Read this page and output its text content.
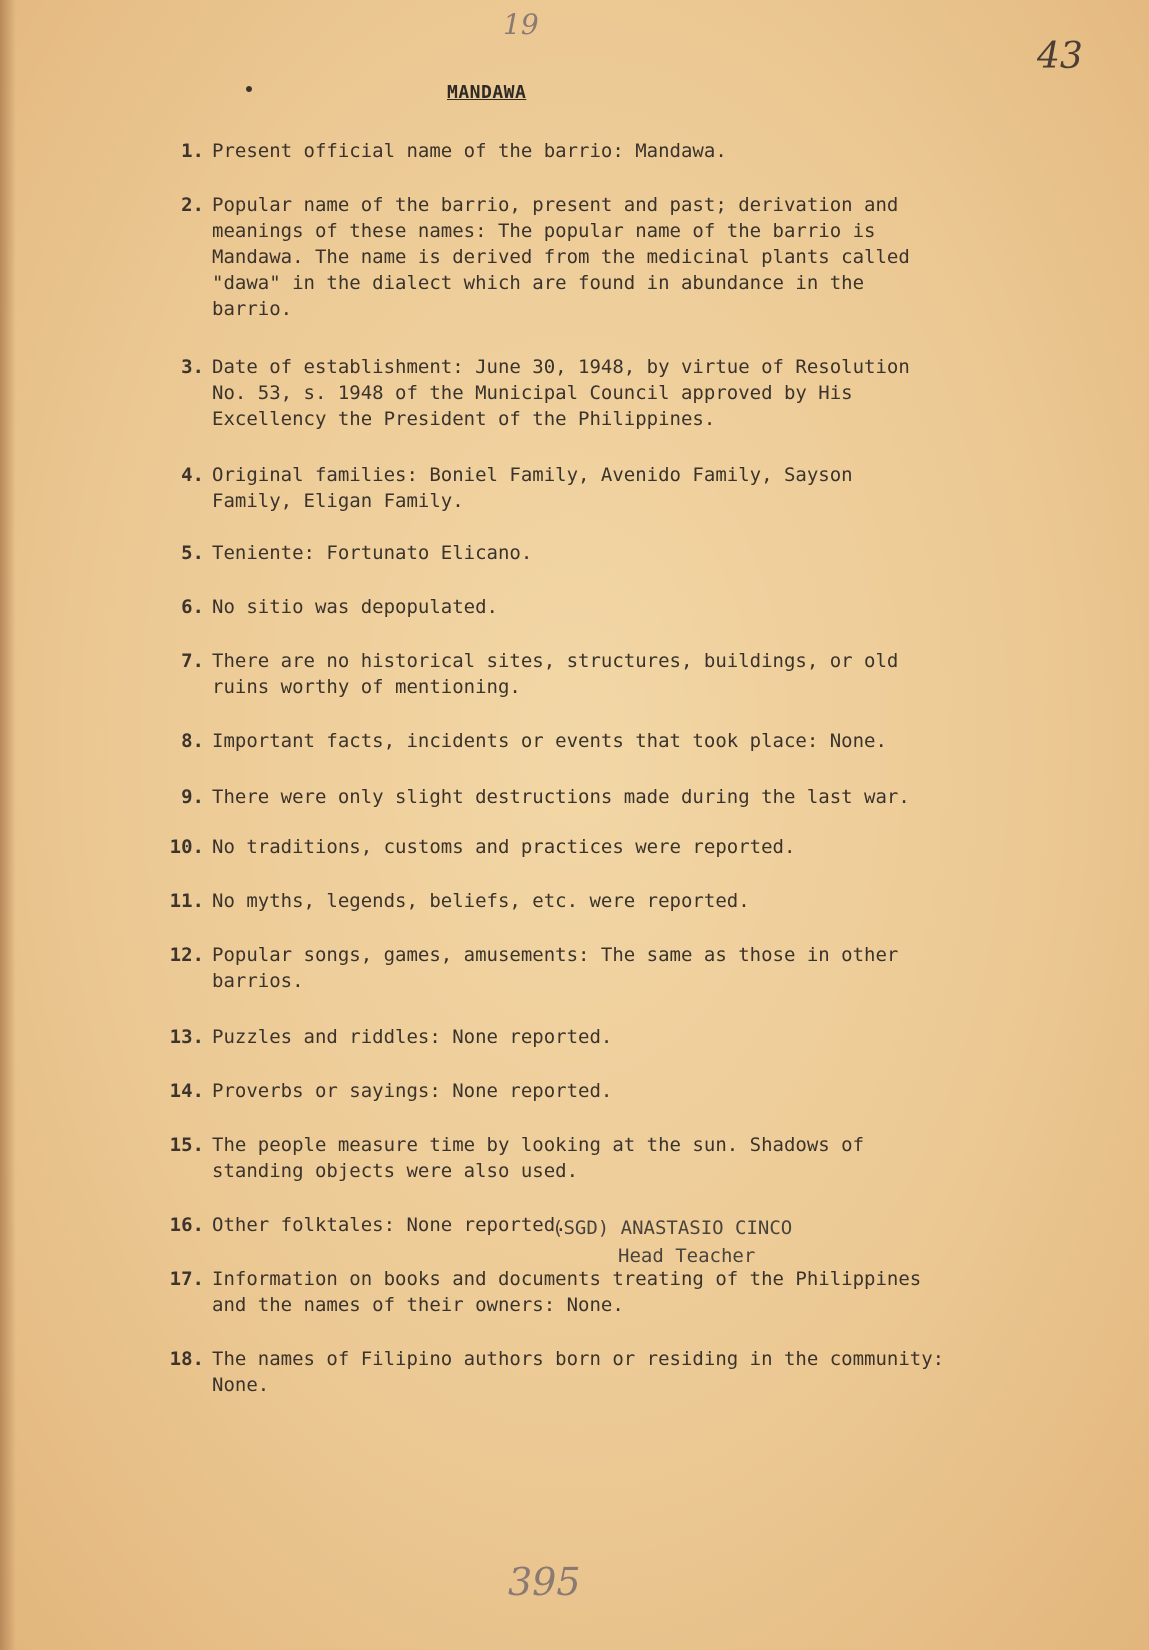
19
43
MANDAWA
1. Present official name of the barrio: Mandawa.
2. Popular name of the barrio, present and past; derivation and
meanings of these names: The popular name of the barrio is
Mandawa. The name is derived from the medicinal plants called
"dawa" in the dialect which are found in abundance in the
barrio.
3. Date of establishment: June 30, 1948, by virtue of Resolution
No. 53, s. 1948 of the Municipal Council approved by His
Excellency the President of the Philippines.
4. Original families: Boniel Family, Avenido Family, Sayson
Family, Eligan Family.
5. Teniente: Fortunato Elicano.
6. No sitio was depopulated.
7. There are no historical sites, structures, buildings, or old
ruins worthy of mentioning.
8. Important facts, incidents or events that took place: None.
9. There were only slight destructions made during the last war.
10. No traditions, customs and practices were reported.
11. No myths, legends, beliefs, etc. were reported.
12. Popular songs, games, amusements: The same as those in other
barrios.
13. Puzzles and riddles: None reported.
14. Proverbs or sayings: None reported.
15. The people measure time by looking at the sun. Shadows of
standing objects were also used.
16. Other folktales: None reported.
17. Information on books and documents treating of the Philippines
and the names of their owners: None.
18. The names of Filipino authors born or residing in the community:
None.
(SGD) ANASTASIO CINCO
Head Teacher
395
